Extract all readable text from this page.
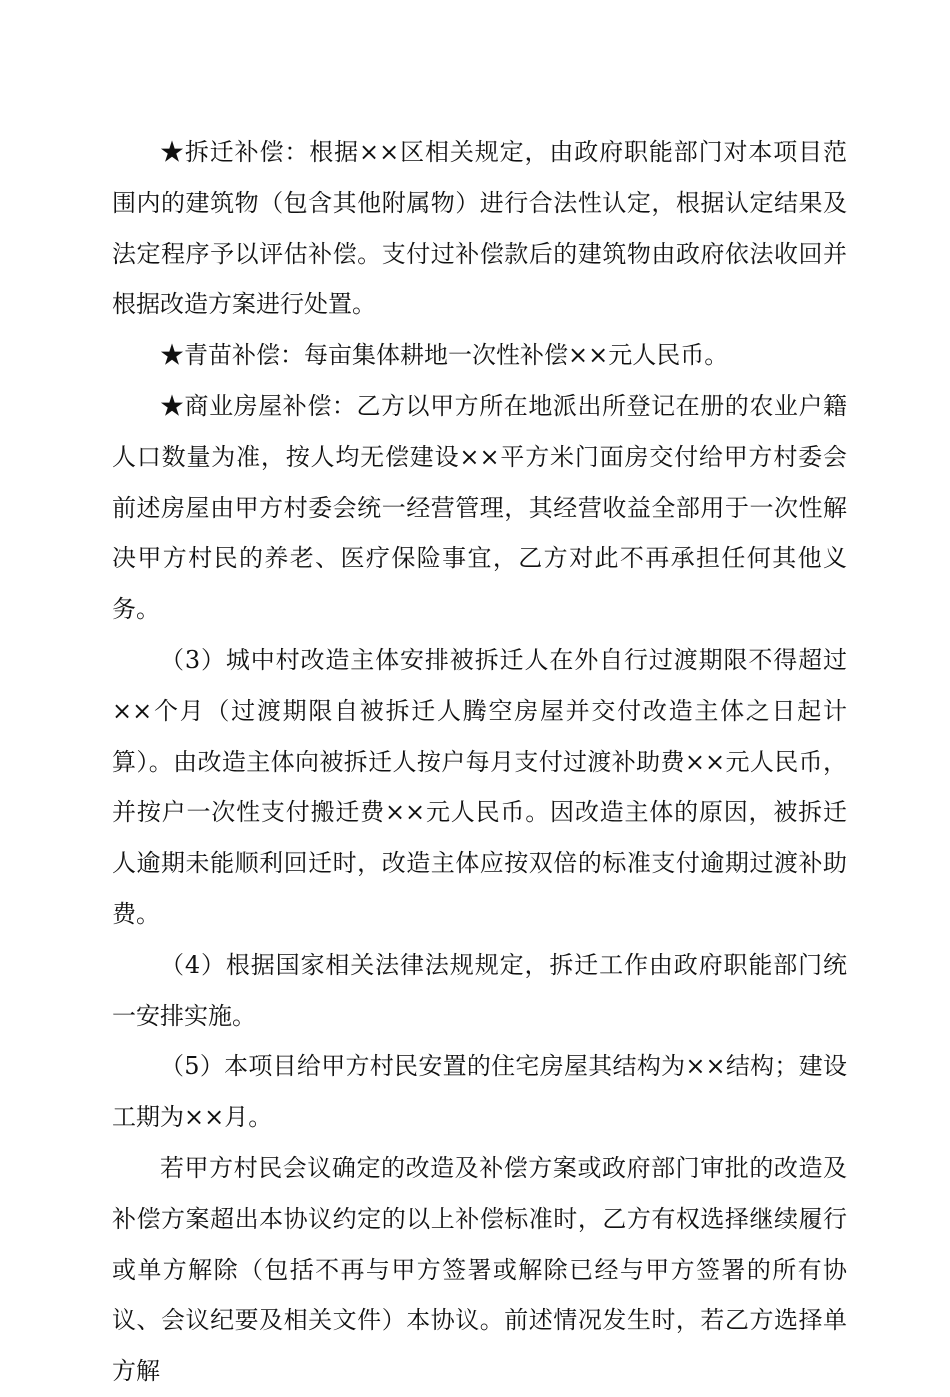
★拆迁补偿：根据××区相关规定，由政府职能部门对本项目范围内的建筑物（包含其他附属物）进行合法性认定，根据认定结果及法定程序予以评估补偿。支付过补偿款后的建筑物由政府依法收回并根据改造方案进行处置。

★青苗补偿：每亩集体耕地一次性补偿××元人民币。

★商业房屋补偿：乙方以甲方所在地派出所登记在册的农业户籍人口数量为准，按人均无偿建设××平方米门面房交付给甲方村委会前述房屋由甲方村委会统一经营管理，其经营收益全部用于一次性解决甲方村民的养老、医疗保险事宜，乙方对此不再承担任何其他义务。

（3）城中村改造主体安排被拆迁人在外自行过渡期限不得超过××个月（过渡期限自被拆迁人腾空房屋并交付改造主体之日起计算）。由改造主体向被拆迁人按户每月支付过渡补助费××元人民币，并按户一次性支付搬迁费××元人民币。因改造主体的原因，被拆迁人逾期未能顺利回迁时，改造主体应按双倍的标准支付逾期过渡补助费。

（4）根据国家相关法律法规规定，拆迁工作由政府职能部门统一安排实施。

（5）本项目给甲方村民安置的住宅房屋其结构为××结构；建设工期为××月。

若甲方村民会议确定的改造及补偿方案或政府部门审批的改造及补偿方案超出本协议约定的以上补偿标准时，乙方有权选择继续履行或单方解除（包括不再与甲方签署或解除已经与甲方签署的所有协议、会议纪要及相关文件）本协议。前述情况发生时，若乙方选择单方解
